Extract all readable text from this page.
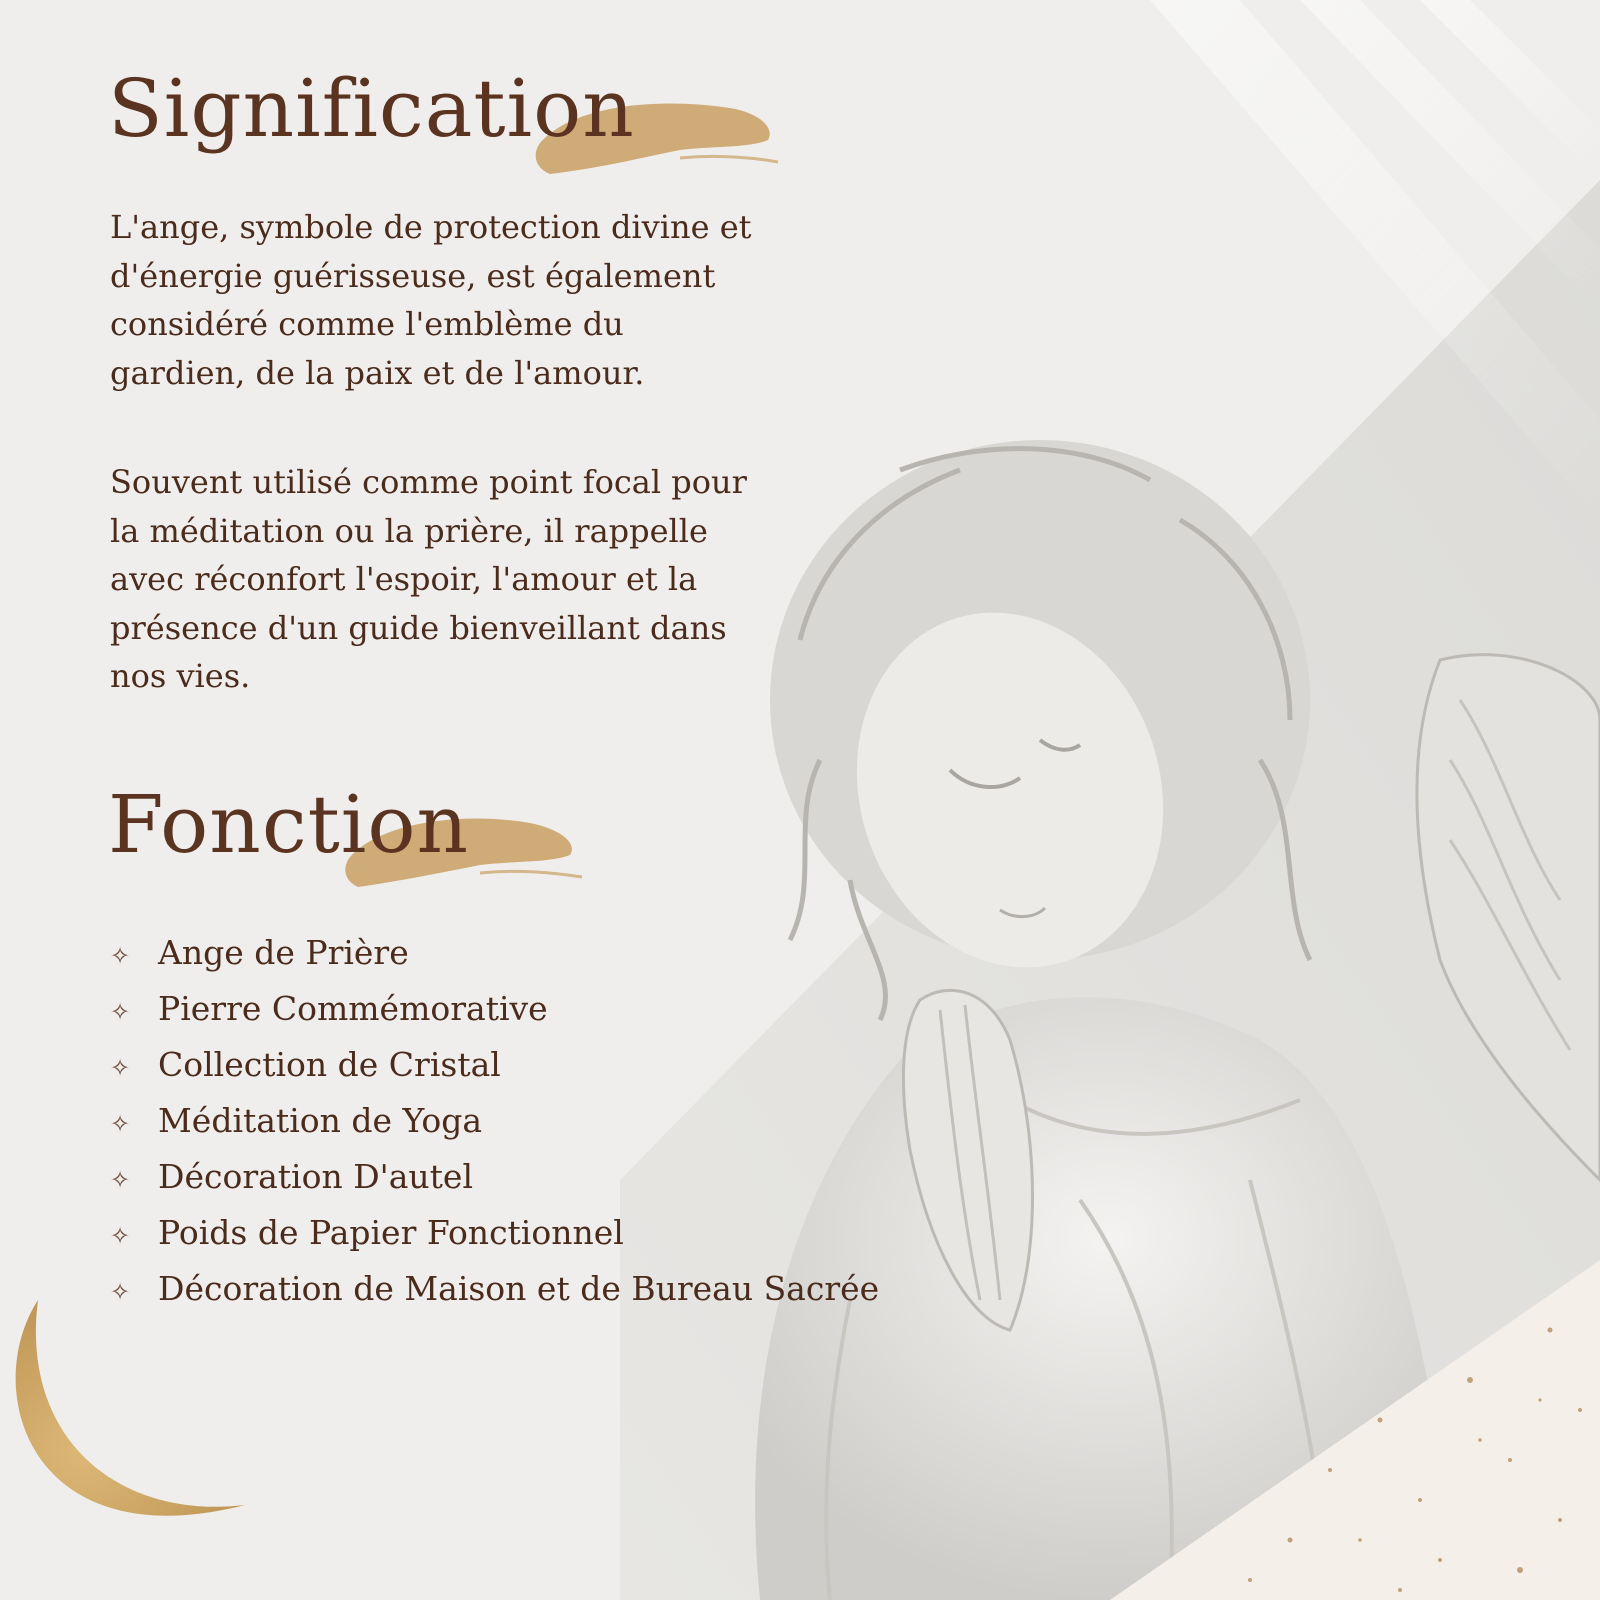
Signification

L'ange, symbole de protection divine et d'énergie guérisseuse, est également considéré comme l'emblème du gardien, de la paix et de l'amour.

Souvent utilisé comme point focal pour la méditation ou la prière, il rappelle avec réconfort l'espoir, l'amour et la présence d'un guide bienveillant dans nos vies.

Fonction
✧ Ange de Prière
✧ Pierre Commémorative
✧ Collection de Cristal
✧ Méditation de Yoga
✧ Décoration D'autel
✧ Poids de Papier Fonctionnel
✧ Décoration de Maison et de Bureau Sacrée
